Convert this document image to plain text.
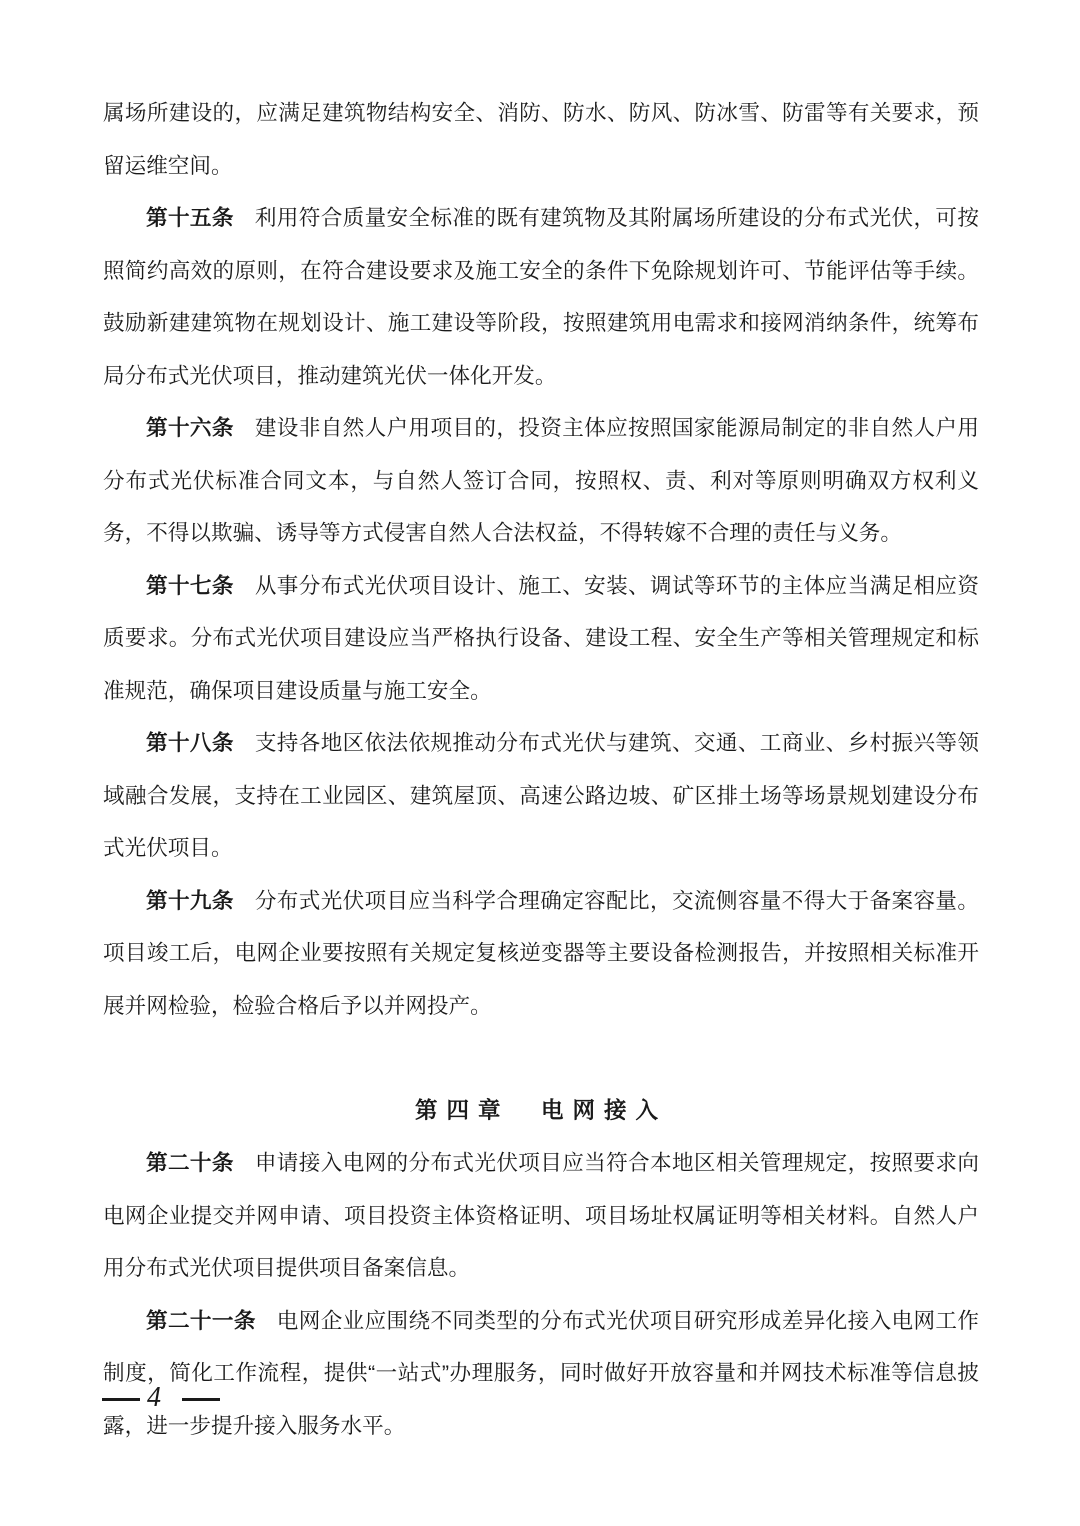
属场所建设的，应满足建筑物结构安全、消防、防水、防风、防冰雪、防雷等有关要求，预留运维空间。

第十五条 利用符合质量安全标准的既有建筑物及其附属场所建设的分布式光伏，可按照简约高效的原则，在符合建设要求及施工安全的条件下免除规划许可、节能评估等手续。鼓励新建建筑物在规划设计、施工建设等阶段，按照建筑用电需求和接网消纳条件，统筹布局分布式光伏项目，推动建筑光伏一体化开发。

第十六条 建设非自然人户用项目的，投资主体应按照国家能源局制定的非自然人户用分布式光伏标准合同文本，与自然人签订合同，按照权、责、利对等原则明确双方权利义务，不得以欺骗、诱导等方式侵害自然人合法权益，不得转嫁不合理的责任与义务。

第十七条 从事分布式光伏项目设计、施工、安装、调试等环节的主体应当满足相应资质要求。分布式光伏项目建设应当严格执行设备、建设工程、安全生产等相关管理规定和标准规范，确保项目建设质量与施工安全。

第十八条 支持各地区依法依规推动分布式光伏与建筑、交通、工商业、乡村振兴等领域融合发展，支持在工业园区、建筑屋顶、高速公路边坡、矿区排土场等场景规划建设分布式光伏项目。

第十九条 分布式光伏项目应当科学合理确定容配比，交流侧容量不得大于备案容量。项目竣工后，电网企业要按照有关规定复核逆变器等主要设备检测报告，并按照相关标准开展并网检验，检验合格后予以并网投产。

第四章　电网接入

第二十条 申请接入电网的分布式光伏项目应当符合本地区相关管理规定，按照要求向电网企业提交并网申请、项目投资主体资格证明、项目场址权属证明等相关材料。自然人户用分布式光伏项目提供项目备案信息。

第二十一条 电网企业应围绕不同类型的分布式光伏项目研究形成差异化接入电网工作制度，简化工作流程，提供“一站式”办理服务，同时做好开放容量和并网技术标准等信息披露，进一步提升接入服务水平。

4
